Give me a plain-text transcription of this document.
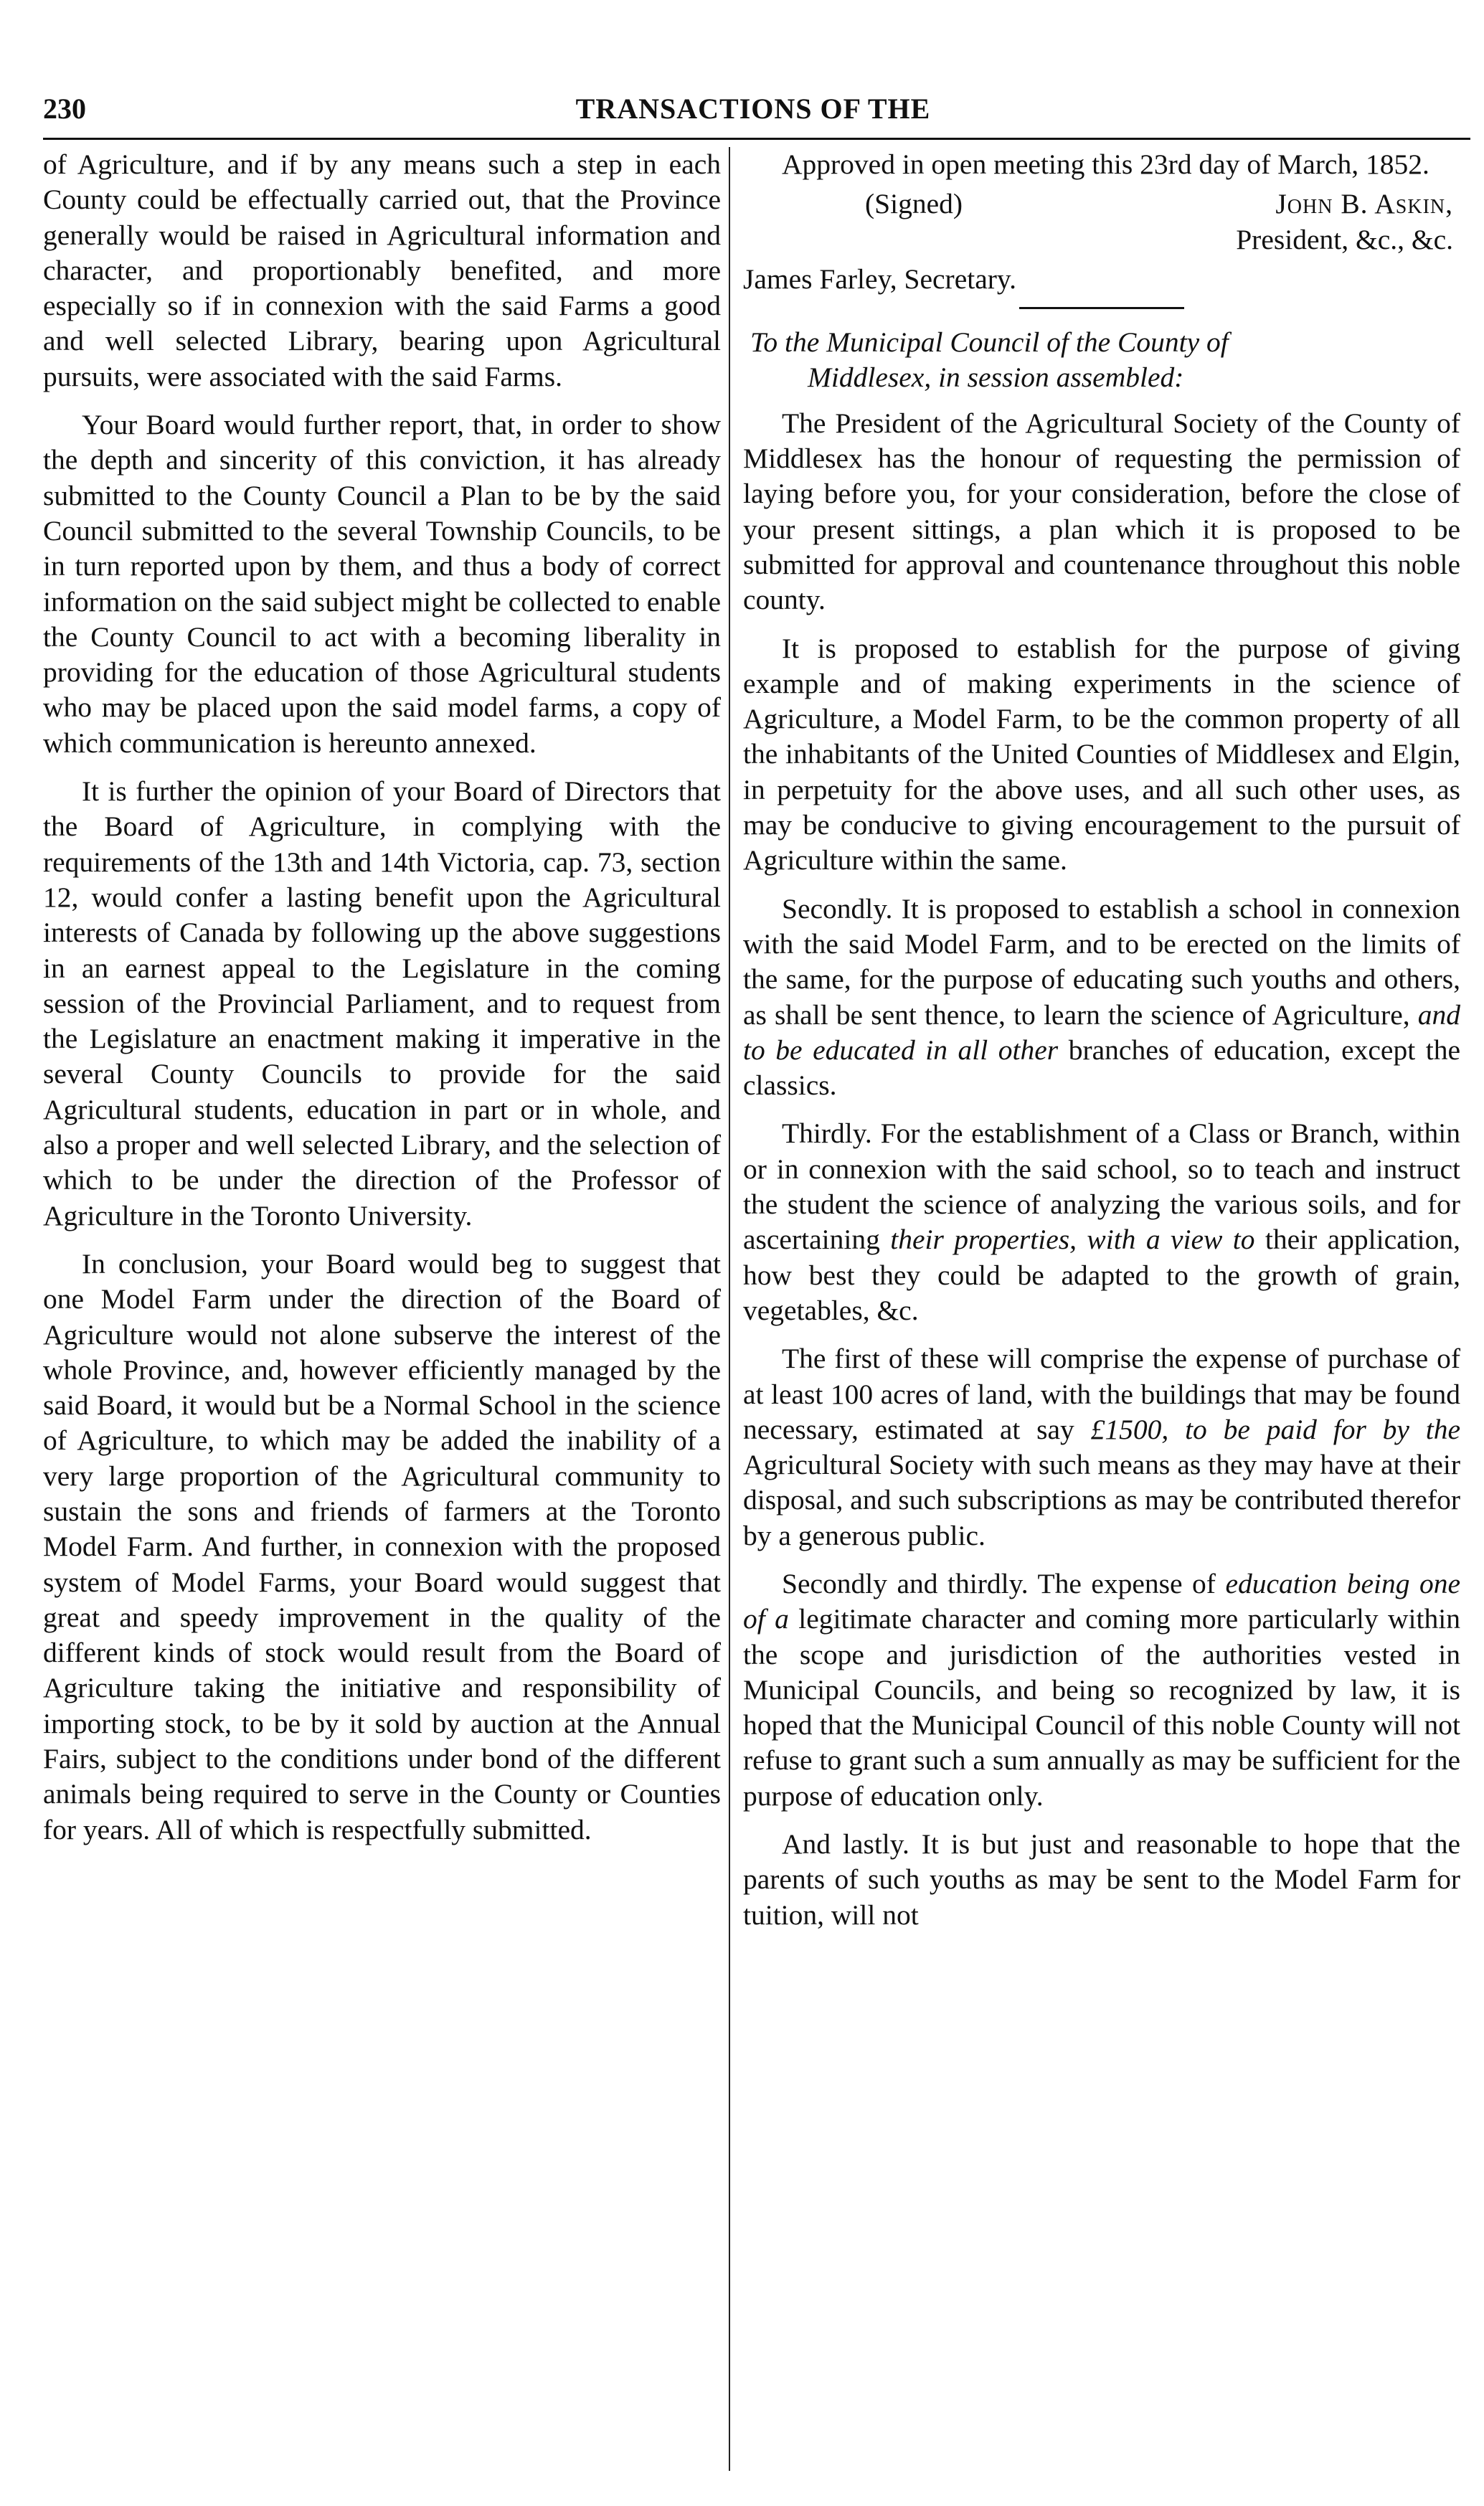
230	TRANSACTIONS OF THE

of Agriculture, and if by any means such a step in each County could be effectually carried out, that the Province generally would be raised in Agricultural information and character, and proportionably benefited, and more especially so if in connexion with the said Farms a good and well selected Library, bearing upon Agricultural pursuits, were associated with the said Farms.

Your Board would further report, that, in order to show the depth and sincerity of this conviction, it has already submitted to the County Council a Plan to be by the said Council submitted to the several Township Councils, to be in turn reported upon by them, and thus a body of correct information on the said subject might be collected to enable the County Council to act with a becoming liberality in providing for the education of those Agricultural students who may be placed upon the said model farms, a copy of which communication is hereunto annexed.

It is further the opinion of your Board of Directors that the Board of Agriculture, in complying with the requirements of the 13th and 14th Victoria, cap. 73, section 12, would confer a lasting benefit upon the Agricultural interests of Canada by following up the above suggestions in an earnest appeal to the Legislature in the coming session of the Provincial Parliament, and to request from the Legislature an enactment making it imperative in the several County Councils to provide for the said Agricultural students, education in part or in whole, and also a proper and well selected Library, and the selection of which to be under the direction of the Professor of Agriculture in the Toronto University.

In conclusion, your Board would beg to suggest that one Model Farm under the direction of the Board of Agriculture would not alone subserve the interest of the whole Province, and, however efficiently managed by the said Board, it would but be a Normal School in the science of Agriculture, to which may be added the inability of a very large proportion of the Agricultural community to sustain the sons and friends of farmers at the Toronto Model Farm. And further, in connexion with the proposed system of Model Farms, your Board would suggest that great and speedy improvement in the quality of the different kinds of stock would result from the Board of Agriculture taking the initiative and responsibility of importing stock, to be by it sold by auction at the Annual Fairs, subject to the conditions under bond of the different animals being required to serve in the County or Counties for years. All of which is respectfully submitted.

Approved in open meeting this 23rd day of March, 1852.

(Signed)	John B. Askin,
President, &c., &c.
James Farley, Secretary.

To the Municipal Council of the County of
Middlesex, in session assembled:

The President of the Agricultural Society of the County of Middlesex has the honour of requesting the permission of laying before you, for your consideration, before the close of your present sittings, a plan which it is proposed to be submitted for approval and countenance throughout this noble county.

It is proposed to establish for the purpose of giving example and of making experiments in the science of Agriculture, a Model Farm, to be the common property of all the inhabitants of the United Counties of Middlesex and Elgin, in perpetuity for the above uses, and all such other uses, as may be conducive to giving encouragement to the pursuit of Agriculture within the same.

Secondly. It is proposed to establish a school in connexion with the said Model Farm, and to be erected on the limits of the same, for the purpose of educating such youths and others, as shall be sent thence, to learn the science of Agriculture, and to be educated in all other branches of education, except the classics.

Thirdly. For the establishment of a Class or Branch, within or in connexion with the said school, so to teach and instruct the student the science of analyzing the various soils, and for ascertaining their properties, with a view to their application, how best they could be adapted to the growth of grain, vegetables, &c.

The first of these will comprise the expense of purchase of at least 100 acres of land, with the buildings that may be found necessary, estimated at say £1500, to be paid for by the Agricultural Society with such means as they may have at their disposal, and such subscriptions as may be contributed therefor by a generous public.

Secondly and thirdly. The expense of education being one of a legitimate character and coming more particularly within the scope and jurisdiction of the authorities vested in Municipal Councils, and being so recognized by law, it is hoped that the Municipal Council of this noble County will not refuse to grant such a sum annually as may be sufficient for the purpose of education only.

And lastly. It is but just and reasonable to hope that the parents of such youths as may be sent to the Model Farm for tuition, will not
